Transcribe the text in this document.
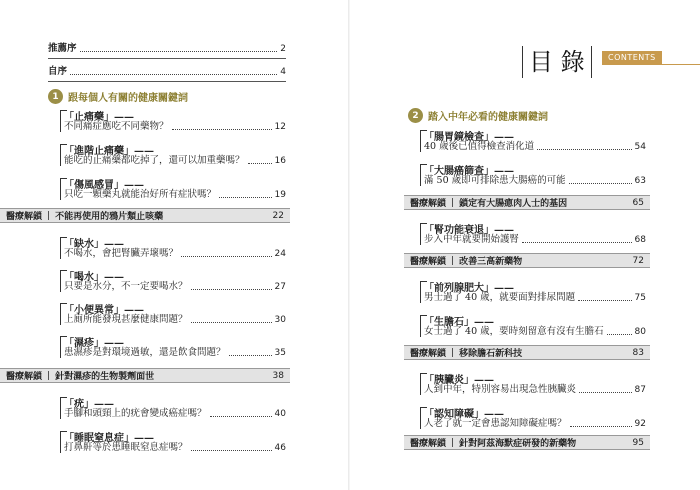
推薦序	2
自序	4
1 跟每個人有關的健康關鍵詞
「止痛藥」——
不同痛症應吃不同藥物？	12
「進階止痛藥」——
能吃的止痛藥都吃掉了，還可以加重藥嗎？	16
「傷風感冒」——
只吃一顆藥丸就能治好所有症狀嗎？	19
醫療解鎖 | 不能再使用的鴉片類止咳藥	22
「缺水」——
不喝水，會把腎臟弄壞嗎？	24
「喝水」——
只要是水分，不一定要喝水？	27
「小便異常」——
上廁所能發現甚麼健康問題？	30
「濕疹」——
患濕疹是對環境過敏，還是飲食問題？	35
醫療解鎖 | 針對濕疹的生物製劑面世	38
「疣」——
手腳和頭頸上的疣會變成癌症嗎？	40
「睡眠窒息症」——
打鼻鼾等於患睡眠窒息症嗎？	46
目 錄	CONTENTS
2 踏入中年必看的健康關鍵詞
「腸胃鏡檢查」——
40 歲後已值得檢查消化道	54
「大腸癌篩查」——
滿 50 歲即可排除患大腸癌的可能	63
醫療解鎖 | 鎖定有大腸瘜肉人士的基因	65
「腎功能衰退」——
步入中年就要開始護腎	68
醫療解鎖 | 改善三高新藥物	72
「前列腺肥大」——
男士過了 40 歲，就要面對排尿問題	75
「生膽石」——
女士過了 40 歲，要時刻留意有沒有生膽石	80
醫療解鎖 | 移除膽石新科技	83
「胰臟炎」——
人到中年，特別容易出現急性胰臟炎	87
「認知障礙」——
人老了就一定會患認知障礙症嗎？	92
醫療解鎖 | 針對阿茲海默症研發的新藥物	95
